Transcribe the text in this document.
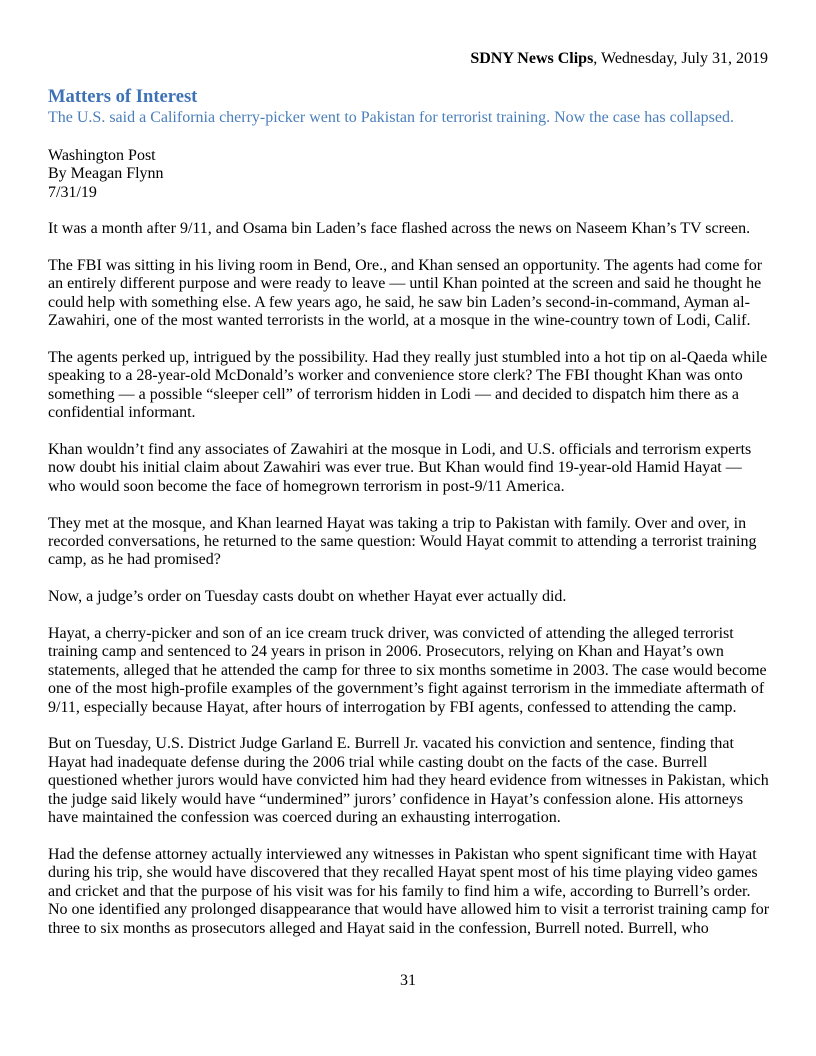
SDNY News Clips, Wednesday, July 31, 2019
Matters of Interest

The U.S. said a California cherry-picker went to Pakistan for terrorist training. Now the case has collapsed.

Washington Post

By Meagan Flynn

7/31/19

It was a month after 9/11, and Osama bin Laden’s face flashed across the news on Naseem Khan’s TV screen.

The FBI was sitting in his living room in Bend, Ore., and Khan sensed an opportunity. The agents had come for an entirely different purpose and were ready to leave — until Khan pointed at the screen and said he thought he could help with something else. A few years ago, he said, he saw bin Laden’s second-in-command, Ayman al-Zawahiri, one of the most wanted terrorists in the world, at a mosque in the wine-country town of Lodi, Calif.

The agents perked up, intrigued by the possibility. Had they really just stumbled into a hot tip on al-Qaeda while speaking to a 28-year-old McDonald’s worker and convenience store clerk? The FBI thought Khan was onto something — a possible “sleeper cell” of terrorism hidden in Lodi ― and decided to dispatch him there as a confidential informant.

Khan wouldn’t find any associates of Zawahiri at the mosque in Lodi, and U.S. officials and terrorism experts now doubt his initial claim about Zawahiri was ever true. But Khan would find 19-year-old Hamid Hayat — who would soon become the face of homegrown terrorism in post-9/11 America.

They met at the mosque, and Khan learned Hayat was taking a trip to Pakistan with family. Over and over, in recorded conversations, he returned to the same question: Would Hayat commit to attending a terrorist training camp, as he had promised?

Now, a judge’s order on Tuesday casts doubt on whether Hayat ever actually did.

Hayat, a cherry-picker and son of an ice cream truck driver, was convicted of attending the alleged terrorist training camp and sentenced to 24 years in prison in 2006. Prosecutors, relying on Khan and Hayat’s own statements, alleged that he attended the camp for three to six months sometime in 2003. The case would become one of the most high-profile examples of the government’s fight against terrorism in the immediate aftermath of 9/11, especially because Hayat, after hours of interrogation by FBI agents, confessed to attending the camp.

But on Tuesday, U.S. District Judge Garland E. Burrell Jr. vacated his conviction and sentence, finding that Hayat had inadequate defense during the 2006 trial while casting doubt on the facts of the case. Burrell questioned whether jurors would have convicted him had they heard evidence from witnesses in Pakistan, which the judge said likely would have “undermined” jurors’ confidence in Hayat’s confession alone. His attorneys have maintained the confession was coerced during an exhausting interrogation.

Had the defense attorney actually interviewed any witnesses in Pakistan who spent significant time with Hayat during his trip, she would have discovered that they recalled Hayat spent most of his time playing video games and cricket and that the purpose of his visit was for his family to find him a wife, according to Burrell’s order. No one identified any prolonged disappearance that would have allowed him to visit a terrorist training camp for three to six months as prosecutors alleged and Hayat said in the confession, Burrell noted. Burrell, who

31
